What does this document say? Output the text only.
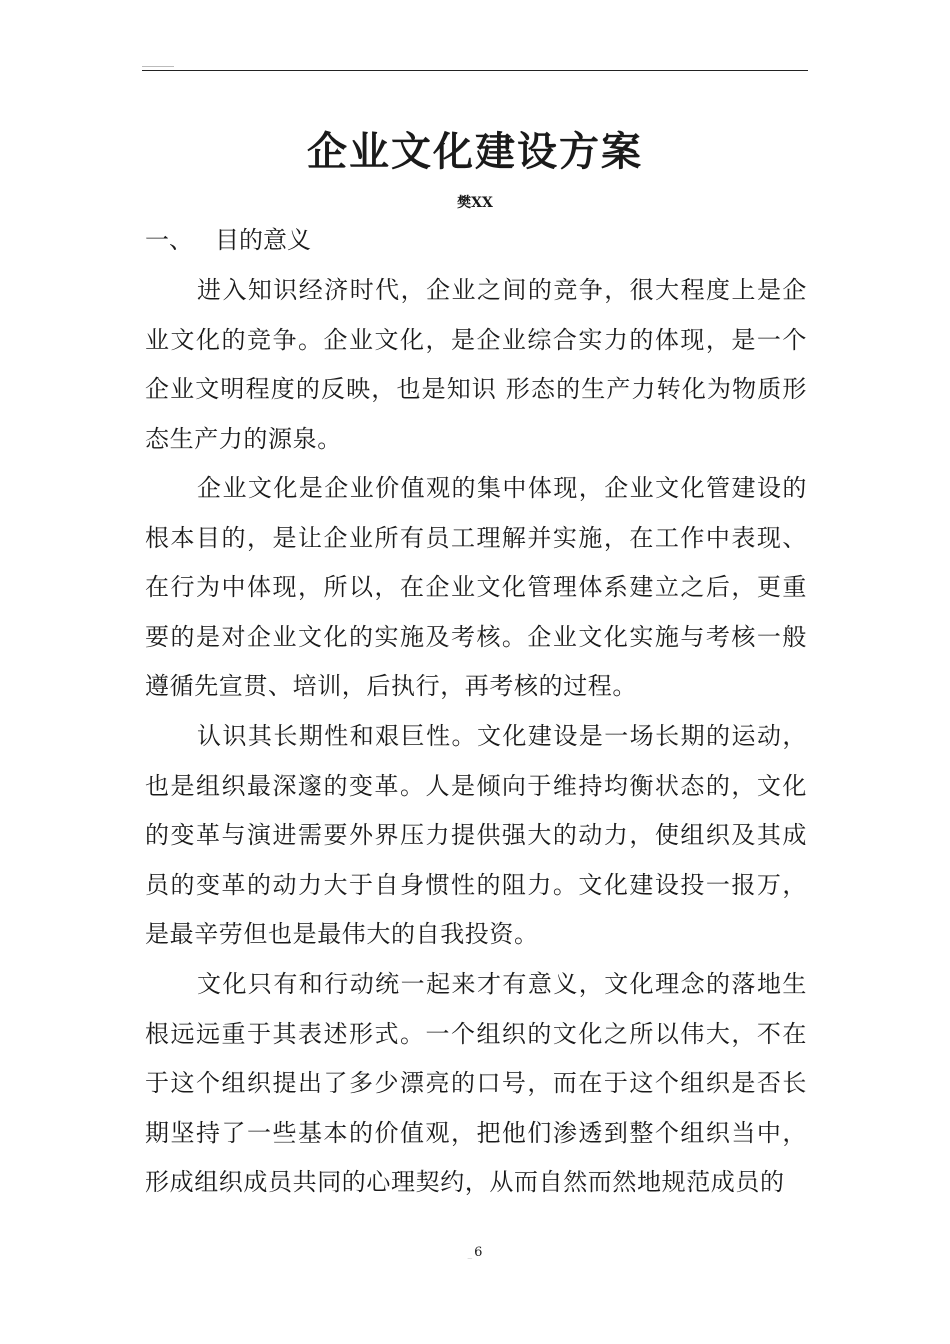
企业文化建设方案
樊XX
一、 目的意义

进入知识经济时代，企业之间的竞争，很大程度上是企业文化的竞争。企业文化，是企业综合实力的体现，是一个企业文明程度的反映，也是知识 形态的生产力转化为物质形态生产力的源泉。

企业文化是企业价值观的集中体现，企业文化管建设的根本目的，是让企业所有员工理解并实施，在工作中表现、在行为中体现，所以，在企业文化管理体系建立之后，更重要的是对企业文化的实施及考核。企业文化实施与考核一般遵循先宣贯、培训，后执行，再考核的过程。

认识其长期性和艰巨性。文化建设是一场长期的运动，也是组织最深邃的变革。人是倾向于维持均衡状态的，文化的变革与演进需要外界压力提供强大的动力，使组织及其成员的变革的动力大于自身惯性的阻力。文化建设投一报万，是最辛劳但也是最伟大的自我投资。

文化只有和行动统一起来才有意义，文化理念的落地生根远远重于其表述形式。一个组织的文化之所以伟大，不在于这个组织提出了多少漂亮的口号，而在于这个组织是否长期坚持了一些基本的价值观，把他们渗透到整个组织当中，形成组织成员共同的心理契约，从而自然而然地规范成员的

_ 6
